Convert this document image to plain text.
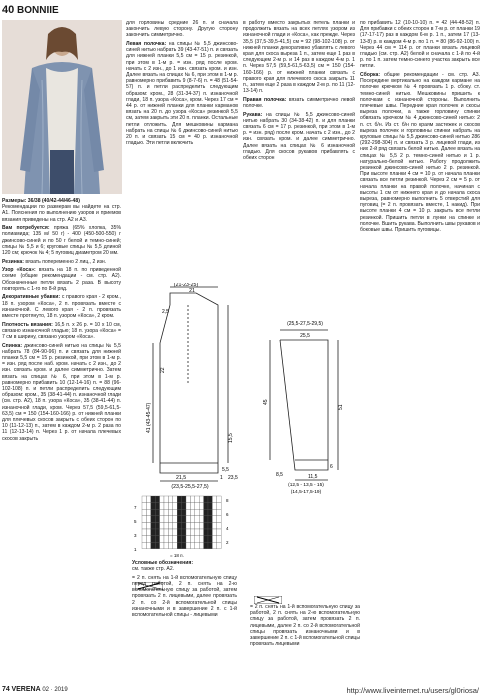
40 BONNIIE

Размеры: 36/38 (40/42-44/46-48)
Рекомендации по размерам вы найдете на стр. А1. Пояснения по выполнению узоров и приемов вязания приведены на стр. А2 и А3.

Вам потребуется: пряжа (65% хлопка, 35% полиамида; 135 м/ 50 г) - 400 (450-500-550) г джинсово-синей и по 50 г белой и темно-синей; спицы № 5,5 и 6; круговые спицы № 5,5 длиной 120 см; крючок № 4; 5 пуговиц диаметром 20 мм.

Резинка: вязать попеременно 2 лиц., 2 изн.

Узор «Коса»: вязать на 18 п. по приведенной схеме (общие рекомендации - см. стр. А2). Обозначенные петли вязать 2 раза. В высоту повторять с 1-го по 8-й ряд.

Декоративные убавки: с правого края - 2 кром., 18 п. узором «Коса», 2 п. провязать вместе с изнаночной. С левого края - 2 п. провязать вместе протянуто, 18 п. узором «Коса», 2 кром.

Плотность вязания: 16,5 п. х 26 р. = 10 х 10 см, связано изнаночной гладью; 18 п. узора «Коса» = 7 см в ширину, связано узором «Коса».

Спинка: джинсово-синей нитью на спицы № 5,5 набрать 78 (84-90-96) п. и связать для нижней планки 5,5 см = 15 р. резинкой, при этом в 1-м р. = изн. ряд после наб. кром. начать с 2 изн., до 2 изн. связать кром. и далее симметрично. Затем вязать на спицах № 6, при этом в 1-м р. равномерно прибавить 10 (12-14-16) п. = 88 (96-102-108) п. и петли распределить следующим образом: кром., 35 (38-41-44) п. изнаночной глади (см. стр. А2), 18 п. узора «Коса», 35 (38-41-44) п. изнаночной глади, кром. Через 57,5 (59,5-61,5-63,5) см = 150 (154-160-166) р. от нижней планки для плечевых скосов закрыть с обеих сторон по 10 (11-12-13) п., затем в каждом 2-м р. 2 раза по 11 (12-13-14) п. Через 1 р. от начала плечевых скосов закрыть

для горловины средние 26 п. и сначала закончить левую сторону. Другую сторону закончить симметрично.

Левая полочка: на спицы № 5,5 джинсово-синей нитью набрать 39 (43-47-51) п. и связать для нижней планки 5,5 см = 15 р. резинкой, при этом в 1-м р. = изн. ряд после кром. начать с 2 изн., до 1 изн. связать кром. и изн. Далее вязать на спицах № 6, при этом в 1-м р. равномерно прибавить 9 (8-7-6) п. = 48 (51-54-57) п. и петли распределить следующим образом: кром., 28 (31-34-37) п. изнаночной глади, 18 п. узора «Коса», кром. Через 17 см = 44 р. от нижней планки для планки карманов вязать на 20 п. до узора «Коса» резинкой 5,5 см, затем закрыть эти 20 п. планки. Остальные петли отложить. Для мешковины кармана набрать на спицы № 6 джинсово-синей нитью 20 п. и связать 15 см = 40 р. изнаночной гладью. Эти петли включить

в работу вместо закрытых петель планки и продолжить вязать на всех петлях узором из изнаночной глади и «Коса», как прежде. Через 35,5 (37,5-39,5-41,5) см = 92 (98-102-108) р. от нижней планки декоративно убавлять с левого края для скоса выреза 1 п., затем еще 1 раз в следующем 2-м р. и 14 раз в каждом 4-м р. 1 п. Через 57,5 (59,5-61,5-63,5) см = 150 (154-160-166) р. от нижней планки связать с правого края для плечевого скоса закрыть 11 п., затем еще 2 раза в каждом 2-м р. по 11 (12-13-14) п.

Правая полочка: вязать симметрично левой полочке.

Рукава: на спицы № 5,5 джинсово-синей нитью набрать 30 (34-38-42) п. и для планки связать 6 см = 17 р. резинкой, при этом в 1-м р. = изн. ряд) после кром. начать с 2 изн., до 2 изн. связать кром. и далее симметрично. Далее вязать на спицах № 6 изнаночной гладью. Для скосов рукавов прибавлять с обеих сторон

по прибавить 12 (10-10-10) п. = 42 (44-48-52) п. Для прибавки с обеих сторон в 7-м р. от планки 19 (17-17-17) раз в каждом 6-м р. 1 п., затем 17 (13-13-8) р. в каждом 4-м р. по 1 п. = 80 (86-92-100) п. Через 44 см = 114 р. от планки вязать лицевой гладью (см. стр. А2) белой и сначала с 1-й по 4-й р. по 1 п. затем темно-синего участка закрыть все петли.

Сборка: общие рекомендации - см. стр. А3. Посередине вертикально на каждом кармане на полочке крючком № 4 провязать 1 р. сбоку. ст. темно-синей нитью. Мешковины пришить к полочкам с изнаночной стороны. Выполнить плечевые швы. Передние края полочек и скосы выреза полочки, а также горловину спинки обвязать крючком № 4 джинсово-синей нитью: 2 п. ст. б/н. Из ст. б/н по краям застежек и скосов выреза полочек и горловины спинки набрать на круговые спицы № 5,5 джинсово-синей нитью 286 (292-298-304) п. и связать 3 р. лицевой глади, из них 2-й ряд связать белой нитью. Далее вязать на спицах № 5,5 2 р. темно-синей нитью и 1 р. натурально-белой нитью. Работу продолжить резинкой джинсово-синей нитью 2 р. резинкой. При высоте планки 4 см = 10 р. от начала планки связать все петли резинкой. Через 2 см = 5 р. от начала планки на правой полочке, начиная с высоты 1 см от нижнего края и до начала скоса выреза, равномерно выполнить 5 отверстий для пуговиц (= 2 п. провязать вместе, 1 накид). При высоте планки 4 см = 10 р. закрыть все петли резинкой. Пришить петли в лунки на спинке и полочке. Вшить рукава. Выполнить швы рукавов и боковые швы. Пришить пуговицы.

(21-23-25)
21
2,5
22
41 (43-45-47)
15,5
5,5
21,5
(23,5-25,5-27,5)
1 23,5
(25,5-27,5-29,5)
25,5
45
51
6
11,5
(12,5 - 13,5 - 15)
8,5
(14,5-17,5-19)
1
3
5
7
2
4
6
8
= 18 п.

Условные обозначения:
см. также стр. А2.

= 2 п. снять на 1-й вспомогательную спицу перед работой, 2 п. снять на 2-ю вспомогательную спицу за работой, затем провязать 2 п. лицевыми, далее провязать 2 п. со 2-й вспомогательной спицы изнаночными и в завершение 2 п. с 1-й вспомогательной спицы - лицевыми

= 2 п. снять на 1-й вспомогательную спицу за работой, 2 п. снять на 2-ю вспомогательную спицу за работой, затем провязать 2 п. лицевыми, далее 2 п. со 2-й вспомогательной спицы провязать изнаночными и в завершение 2 п. с 1-й вспомогательной спицы провязать лицевыми

74 VERENA 02 · 2019	http://www.liveinternet.ru/users/gl0riosa/
